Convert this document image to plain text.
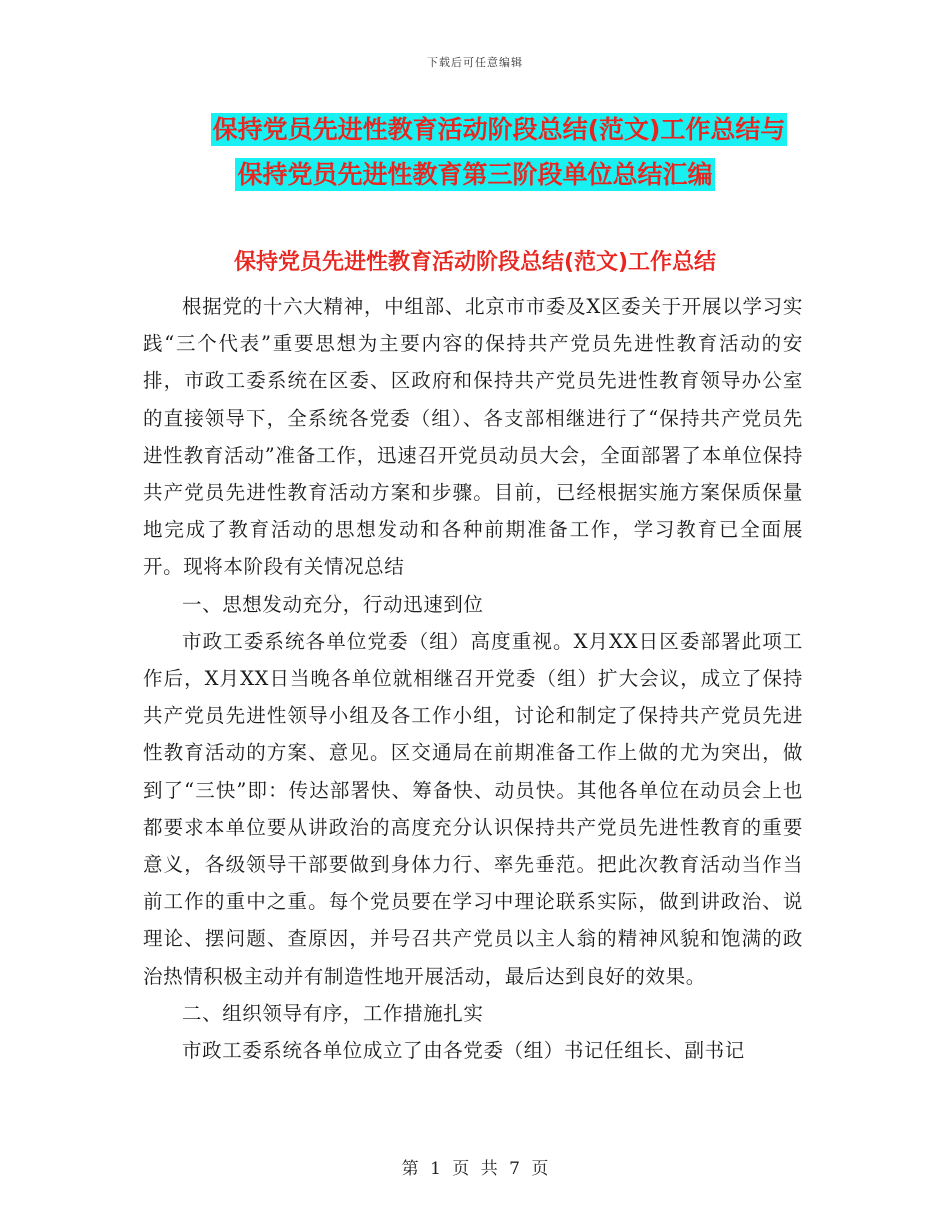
下载后可任意编辑
保持党员先进性教育活动阶段总结(范文)工作总结与
保持党员先进性教育第三阶段单位总结汇编
保持党员先进性教育活动阶段总结(范文)工作总结

根据党的十六大精神，中组部、北京市市委及X区委关于开展以学习实践“三个代表”重要思想为主要内容的保持共产党员先进性教育活动的安排，市政工委系统在区委、区政府和保持共产党员先进性教育领导办公室的直接领导下，全系统各党委（组）、各支部相继进行了“保持共产党员先进性教育活动”准备工作，迅速召开党员动员大会，全面部署了本单位保持共产党员先进性教育活动方案和步骤。目前，已经根据实施方案保质保量地完成了教育活动的思想发动和各种前期准备工作，学习教育已全面展开。现将本阶段有关情况总结

一、思想发动充分，行动迅速到位

市政工委系统各单位党委（组）高度重视。X月XX日区委部署此项工作后，X月XX日当晚各单位就相继召开党委（组）扩大会议，成立了保持共产党员先进性领导小组及各工作小组，讨论和制定了保持共产党员先进性教育活动的方案、意见。区交通局在前期准备工作上做的尤为突出，做到了“三快”即：传达部署快、筹备快、动员快。其他各单位在动员会上也都要求本单位要从讲政治的高度充分认识保持共产党员先进性教育的重要意义，各级领导干部要做到身体力行、率先垂范。把此次教育活动当作当前工作的重中之重。每个党员要在学习中理论联系实际，做到讲政治、说理论、摆问题、查原因，并号召共产党员以主人翁的精神风貌和饱满的政治热情积极主动并有制造性地开展活动，最后达到良好的效果。

二、组织领导有序，工作措施扎实

市政工委系统各单位成立了由各党委（组）书记任组长、副书记

第 1 页 共 7 页
